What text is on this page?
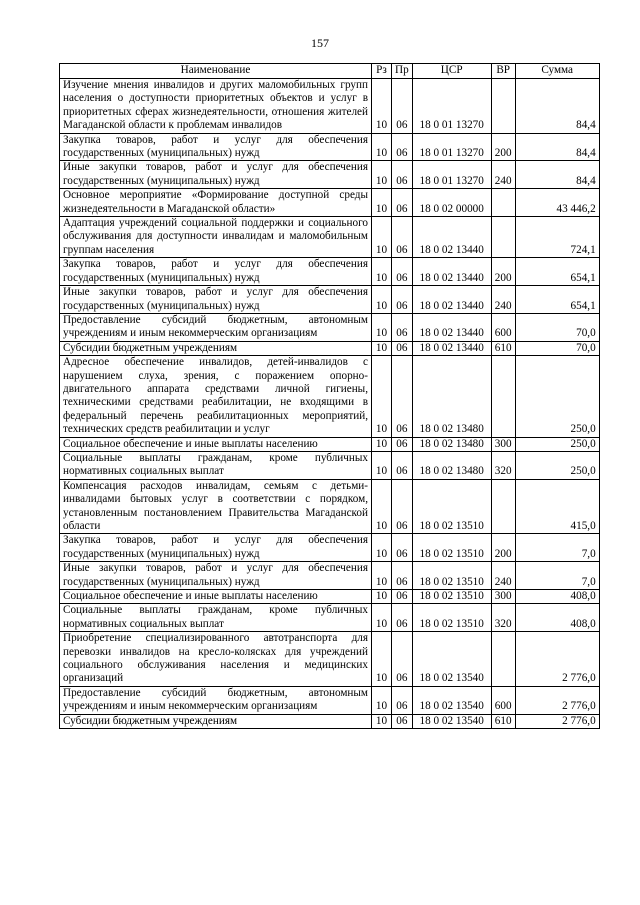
157
Наименование	Рз	Пр	ЦСР	ВР	Сумма
Изучение мнения инвалидов и других маломобильных групп населения о доступности приоритетных объектов и услуг в приоритетных сферах жизнедеятельности, отношения жителей Магаданской области к проблемам инвалидов	10	06	18 0 01 13270		84,4
Закупка товаров, работ и услуг для обеспечения государственных (муниципальных) нужд	10	06	18 0 01 13270	200	84,4
Иные закупки товаров, работ и услуг для обеспечения государственных (муниципальных) нужд	10	06	18 0 01 13270	240	84,4
Основное мероприятие «Формирование доступной среды жизнедеятельности в Магаданской области»	10	06	18 0 02 00000		43 446,2
Адаптация учреждений социальной поддержки и социального обслуживания для доступности инвалидам и маломобильным группам населения	10	06	18 0 02 13440		724,1
Закупка товаров, работ и услуг для обеспечения государственных (муниципальных) нужд	10	06	18 0 02 13440	200	654,1
Иные закупки товаров, работ и услуг для обеспечения государственных (муниципальных) нужд	10	06	18 0 02 13440	240	654,1
Предоставление субсидий бюджетным, автономным учреждениям и иным некоммерческим организациям	10	06	18 0 02 13440	600	70,0
Субсидии бюджетным учреждениям	10	06	18 0 02 13440	610	70,0
Адресное обеспечение инвалидов, детей-инвалидов с нарушением слуха, зрения, с поражением опорно-двигательного аппарата средствами личной гигиены, техническими средствами реабилитации, не входящими в федеральный перечень реабилитационных мероприятий, технических средств реабилитации и услуг	10	06	18 0 02 13480		250,0
Социальное обеспечение и иные выплаты населению	10	06	18 0 02 13480	300	250,0
Социальные выплаты гражданам, кроме публичных нормативных социальных выплат	10	06	18 0 02 13480	320	250,0
Компенсация расходов инвалидам, семьям с детьми-инвалидами бытовых услуг в соответствии с порядком, установленным постановлением Правительства Магаданской области	10	06	18 0 02 13510		415,0
Закупка товаров, работ и услуг для обеспечения государственных (муниципальных) нужд	10	06	18 0 02 13510	200	7,0
Иные закупки товаров, работ и услуг для обеспечения государственных (муниципальных) нужд	10	06	18 0 02 13510	240	7,0
Социальное обеспечение и иные выплаты населению	10	06	18 0 02 13510	300	408,0
Социальные выплаты гражданам, кроме публичных нормативных социальных выплат	10	06	18 0 02 13510	320	408,0
Приобретение специализированного автотранспорта для перевозки инвалидов на кресло-колясках для учреждений социального обслуживания населения и медицинских организаций	10	06	18 0 02 13540		2 776,0
Предоставление субсидий бюджетным, автономным учреждениям и иным некоммерческим организациям	10	06	18 0 02 13540	600	2 776,0
Субсидии бюджетным учреждениям	10	06	18 0 02 13540	610	2 776,0
